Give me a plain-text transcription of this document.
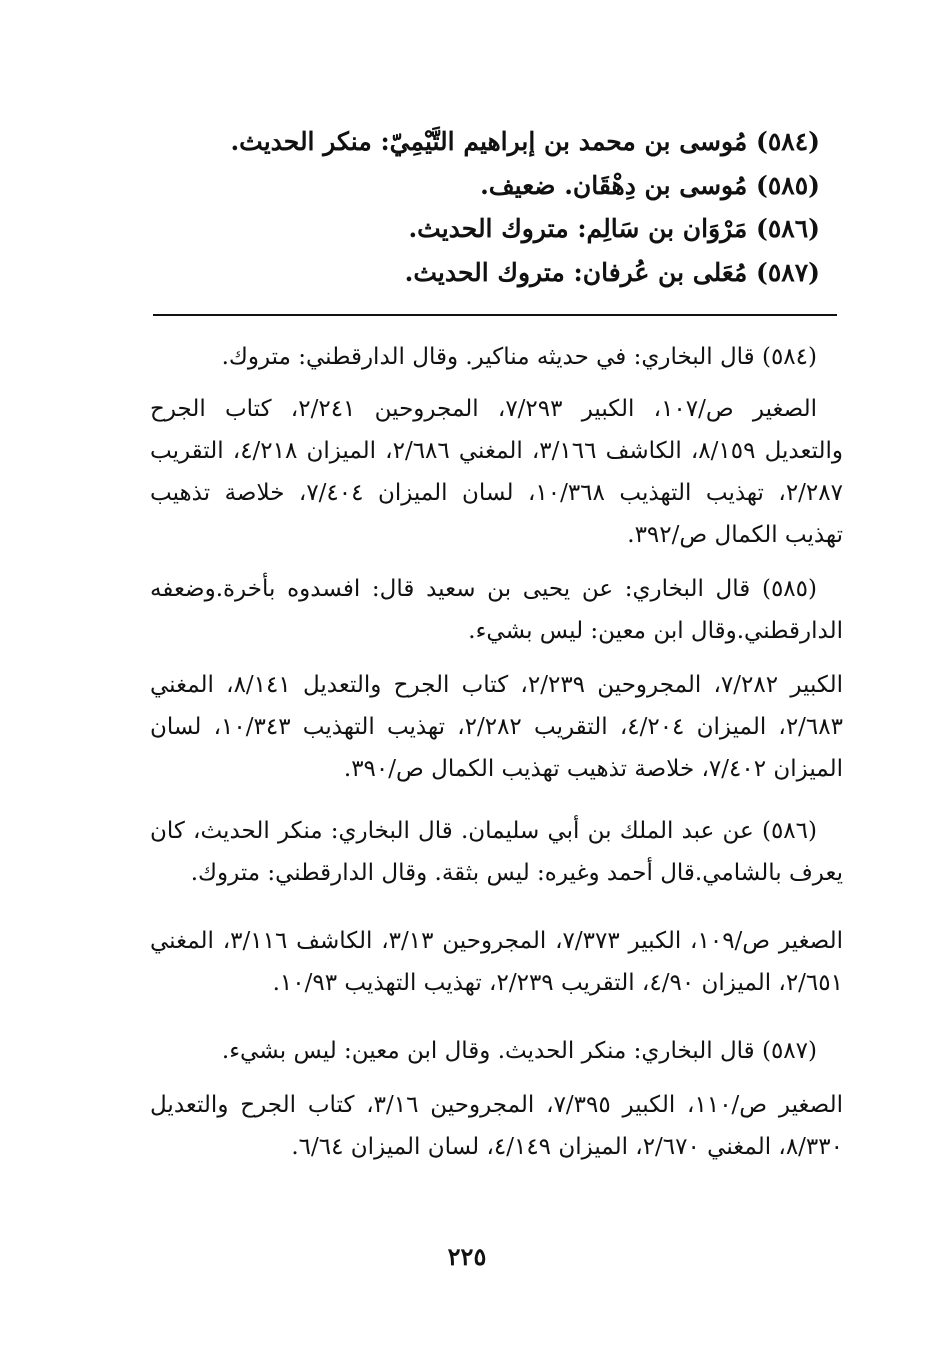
(٥٨٤) مُوسى بن محمد بن إبراهيم التَّيْمِيّ: منكر الحديث.
(٥٨٥) مُوسى بن دِهْقَان. ضعيف.
(٥٨٦) مَرْوَان بن سَالِم: متروك الحديث.
(٥٨٧) مُعَلى بن عُرفان: متروك الحديث.

(٥٨٤) قال البخاري: في حديثه مناكير. وقال الدارقطني: متروك.

الصغير ص/١٠٧، الكبير ٧/٢٩٣، المجروحين ٢/٢٤١، كتاب الجرح والتعديل ٨/١٥٩، الكاشف ٣/١٦٦، المغني ٢/٦٨٦، الميزان ٤/٢١٨، التقريب ٢/٢٨٧، تهذيب التهذيب ١٠/٣٦٨، لسان الميزان ٧/٤٠٤، خلاصة تذهيب تهذيب الكمال ص/٣٩٢.

(٥٨٥) قال البخاري: عن يحيى بن سعيد قال: افسدوه بأخرة.وضعفه الدارقطني.وقال ابن معين: ليس بشيء.

الكبير ٧/٢٨٢، المجروحين ٢/٢٣٩، كتاب الجرح والتعديل ٨/١٤١، المغني ٢/٦٨٣، الميزان ٤/٢٠٤، التقريب ٢/٢٨٢، تهذيب التهذيب ١٠/٣٤٣، لسان الميزان ٧/٤٠٢، خلاصة تذهيب تهذيب الكمال ص/٣٩٠.

(٥٨٦) عن عبد الملك بن أبي سليمان. قال البخاري: منكر الحديث، كان يعرف بالشامي.قال أحمد وغيره: ليس بثقة. وقال الدارقطني: متروك.

الصغير ص/١٠٩، الكبير ٧/٣٧٣، المجروحين ٣/١٣، الكاشف ٣/١١٦، المغني ٢/٦٥١، الميزان ٤/٩٠، التقريب ٢/٢٣٩، تهذيب التهذيب ١٠/٩٣.

(٥٨٧) قال البخاري: منكر الحديث. وقال ابن معين: ليس بشيء.

الصغير ص/١١٠، الكبير ٧/٣٩٥، المجروحين ٣/١٦، كتاب الجرح والتعديل ٨/٣٣٠، المغني ٢/٦٧٠، الميزان ٤/١٤٩، لسان الميزان ٦/٦٤.

٢٢٥
